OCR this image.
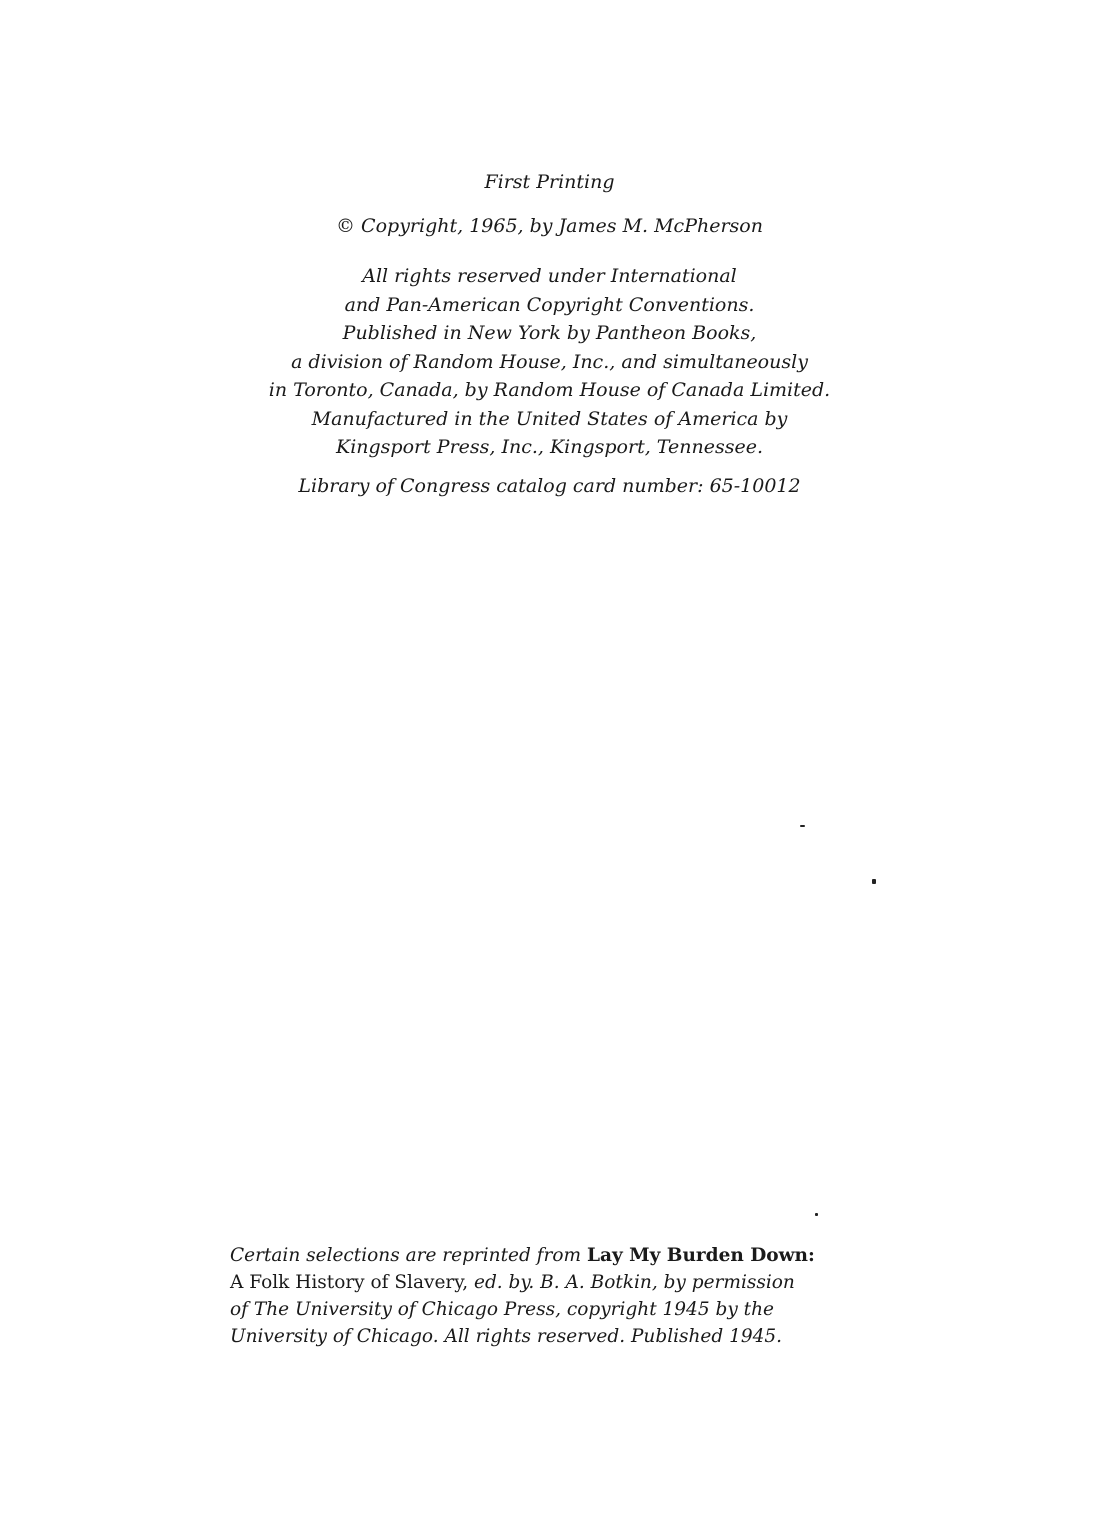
First Printing
© Copyright, 1965, by James M. McPherson
All rights reserved under International
and Pan-American Copyright Conventions.
Published in New York by Pantheon Books,
a division of Random House, Inc., and simultaneously
in Toronto, Canada, by Random House of Canada Limited.
Manufactured in the United States of America by
Kingsport Press, Inc., Kingsport, Tennessee.
Library of Congress catalog card number: 65-10012
Certain selections are reprinted from Lay My Burden Down:
A Folk History of Slavery, ed. by. B. A. Botkin, by permission
of The University of Chicago Press, copyright 1945 by the
University of Chicago. All rights reserved. Published 1945.
